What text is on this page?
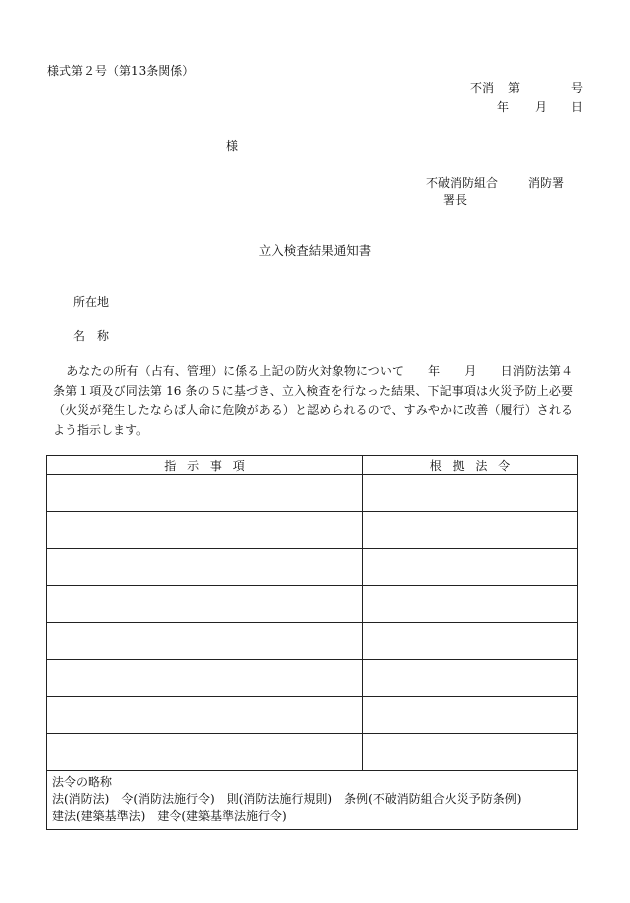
様式第２号（第13条関係）
不消 第	号
年 月 日
様
不破消防組合 消防署
署長
立入検査結果通知書
所在地
名　称
あなたの所有（占有、管理）に係る上記の防火対象物について　　年　　月　　日消防法第４条第１項及び同法第 16 条の５に基づき、立入検査を行なった結果、下記事項は火災予防上必要（火災が発生したならば人命に危険がある）と認められるので、すみやかに改善（履行）されるよう指示します。
指示事項	根拠法令

法令の略称
法(消防法)　令(消防法施行令)　則(消防法施行規則)　条例(不破消防組合火災予防条例)
建法(建築基準法)　建令(建築基準法施行令)	
